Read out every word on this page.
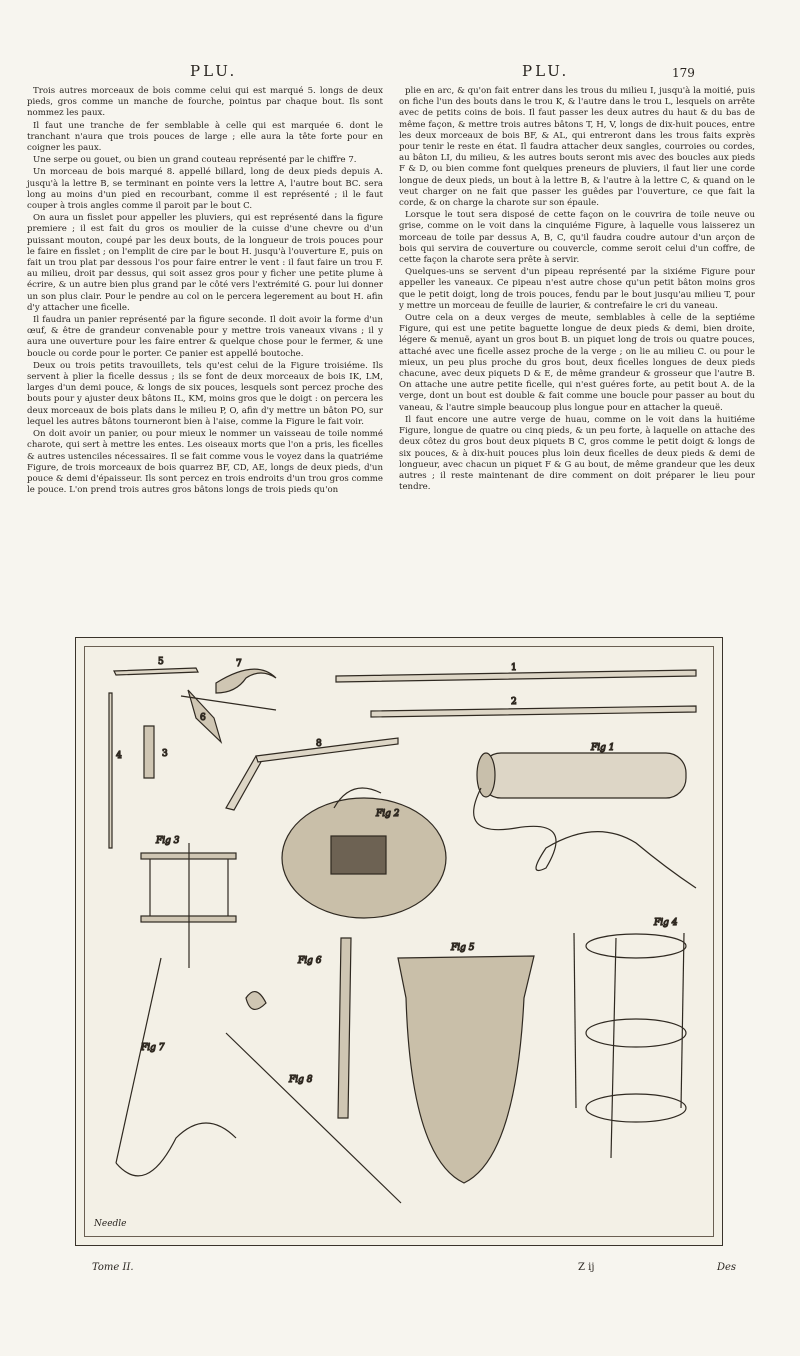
PLU.	PLU.	179

Trois autres morceaux de bois comme celui qui est marqué 5. longs de deux pieds, gros comme un manche de fourche, pointus par chaque bout. Ils sont nommez les paux.

Il faut une tranche de fer semblable à celle qui est marquée 6. dont le tranchant n'aura que trois pouces de large ; elle aura la tête forte pour en coigner les paux.

Une serpe ou gouet, ou bien un grand couteau représenté par le chiffre 7.

Un morceau de bois marqué 8. appellé billard, long de deux pieds depuis A. jusqu'à la lettre B, se terminant en pointe vers la lettre A, l'autre bout BC. sera long au moins d'un pied en recourbant, comme il est représenté ; il le faut couper à trois angles comme il paroit par le bout C.

On aura un fisslet pour appeller les pluviers, qui est représenté dans la figure premiere ; il est fait du gros os moulier de la cuisse d'une chevre ou d'un puissant mouton, coupé par les deux bouts, de la longueur de trois pouces pour le faire en fisslet ; on l'emplit de cire par le bout H. jusqu'à l'ouverture E, puis on fait un trou plat par dessous l'os pour faire entrer le vent : il faut faire un trou F. au milieu, droit par dessus, qui soit assez gros pour y ficher une petite plume à écrire, & un autre bien plus grand par le côté vers l'extrémité G. pour lui donner un son plus clair. Pour le pendre au col on le percera legerement au bout H. afin d'y attacher une ficelle.

Il faudra un panier représenté par la figure seconde. Il doit avoir la forme d'un œuf, & être de grandeur convenable pour y mettre trois vaneaux vivans ; il y aura une ouverture pour les faire entrer & quelque chose pour le fermer, & une boucle ou corde pour le porter. Ce panier est appellé boutoche.

Deux ou trois petits travouillets, tels qu'est celui de la Figure troisiéme. Ils servent à plier la ficelle dessus ; ils se font de deux morceaux de bois IK, LM, larges d'un demi pouce, & longs de six pouces, lesquels sont percez proche des bouts pour y ajuster deux bâtons IL, KM, moins gros que le doigt : on percera les deux morceaux de bois plats dans le milieu P, O, afin d'y mettre un bâton PO, sur lequel les autres bâtons tourneront bien à l'aise, comme la Figure le fait voir.

On doit avoir un panier, ou pour mieux le nommer un vaisseau de toile nommé charote, qui sert à mettre les entes. Les oiseaux morts que l'on a pris, les ficelles & autres ustenciles nécessaires. Il se fait comme vous le voyez dans la quatriéme Figure, de trois morceaux de bois quarrez BF, CD, AE, longs de deux pieds, d'un pouce & demi d'épaisseur. Ils sont percez en trois endroits d'un trou gros comme le pouce. L'on prend trois autres gros bâtons longs de trois pieds qu'on

plie en arc, & qu'on fait entrer dans les trous du milieu I, jusqu'à la moitié, puis on fiche l'un des bouts dans le trou K, & l'autre dans le trou L, lesquels on arrête avec de petits coins de bois. Il faut passer les deux autres du haut & du bas de même façon, & mettre trois autres bâtons T, H, V, longs de dix-huit pouces, entre les deux morceaux de bois BF, & AL, qui entreront dans les trous faits exprès pour tenir le reste en état. Il faudra attacher deux sangles, courroies ou cordes, au bâton LI, du milieu, & les autres bouts seront mis avec des boucles aux pieds F & D, ou bien comme font quelques preneurs de pluviers, il faut lier une corde longue de deux pieds, un bout à la lettre B, & l'autre à la lettre C, & quand on le veut charger on ne fait que passer les guêdes par l'ouverture, ce que fait la corde, & on charge la charote sur son épaule.

Lorsque le tout sera disposé de cette façon on le couvrira de toile neuve ou grise, comme on le voit dans la cinquiéme Figure, à laquelle vous laisserez un morceau de toile par dessus A, B, C, qu'il faudra coudre autour d'un arçon de bois qui servira de couverture ou couvercle, comme seroit celui d'un coffre, de cette façon la charote sera prête à servir.

Quelques-uns se servent d'un pipeau représenté par la sixiéme Figure pour appeller les vaneaux. Ce pipeau n'est autre chose qu'un petit bâton moins gros que le petit doigt, long de trois pouces, fendu par le bout jusqu'au milieu T, pour y mettre un morceau de feuille de laurier, & contrefaire le cri du vaneau.

Outre cela on a deux verges de meute, semblables à celle de la septiéme Figure, qui est une petite baguette longue de deux pieds & demi, bien droite, légere & menuë, ayant un gros bout B. un piquet long de trois ou quatre pouces, attaché avec une ficelle assez proche de la verge ; on lie au milieu C. ou pour le mieux, un peu plus proche du gros bout, deux ficelles longues de deux pieds chacune, avec deux piquets D & E, de même grandeur & grosseur que l'autre B. On attache une autre petite ficelle, qui n'est guéres forte, au petit bout A. de la verge, dont un bout est double & fait comme une boucle pour passer au bout du vaneau, & l'autre simple beaucoup plus longue pour en attacher la queuë.

Il faut encore une autre verge de huau, comme on le voit dans la huitiéme Figure, longue de quatre ou cinq pieds, & un peu forte, à laquelle on attache des deux côtez du gros bout deux piquets B C, gros comme le petit doigt & longs de six pouces, & à dix-huit pouces plus loin deux ficelles de deux pieds & demi de longueur, avec chacun un piquet F & G au bout, de même grandeur que les deux autres ; il reste maintenant de dire comment on doit préparer le lieu pour tendre.

5	7
6
1
2
4	3
8	Fig 1
Fig 2
Fig 3
Fig 5
Fig 6
Fig 4
Fig 7
Fig 8
Needle
Tome II.	Z ij	Des
